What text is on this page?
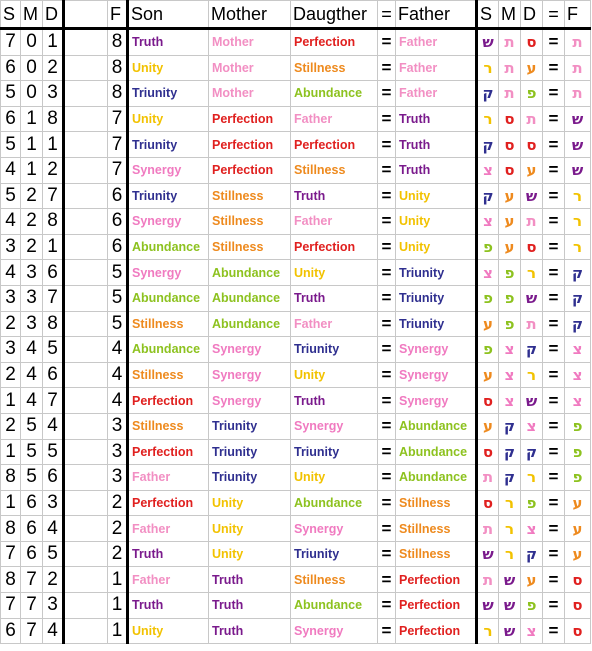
S	M	D		F	Son	Mother	Daugther	=	Father	S	M	D	=	F
7	0	1		8	Truth	Mother	Perfection	=	Father	ש	ת	ס	=	ת
6	0	2		8	Unity	Mother	Stillness	=	Father	ר	ת	ע	=	ת
5	0	3		8	Triunity	Mother	Abundance	=	Father	ק	ת	פ	=	ת
6	1	8		7	Unity	Perfection	Father	=	Truth	ר	ס	ת	=	ש
5	1	1		7	Triunity	Perfection	Perfection	=	Truth	ק	ס	ס	=	ש
4	1	2		7	Synergy	Perfection	Stillness	=	Truth	צ	ס	ע	=	ש
5	2	7		6	Triunity	Stillness	Truth	=	Unity	ק	ע	ש	=	ר
4	2	8		6	Synergy	Stillness	Father	=	Unity	צ	ע	ת	=	ר
3	2	1		6	Abundance	Stillness	Perfection	=	Unity	פ	ע	ס	=	ר
4	3	6		5	Synergy	Abundance	Unity	=	Triunity	צ	פ	ר	=	ק
3	3	7		5	Abundance	Abundance	Truth	=	Triunity	פ	פ	ש	=	ק
2	3	8		5	Stillness	Abundance	Father	=	Triunity	ע	פ	ת	=	ק
3	4	5		4	Abundance	Synergy	Triunity	=	Synergy	פ	צ	ק	=	צ
2	4	6		4	Stillness	Synergy	Unity	=	Synergy	ע	צ	ר	=	צ
1	4	7		4	Perfection	Synergy	Truth	=	Synergy	ס	צ	ש	=	צ
2	5	4		3	Stillness	Triunity	Synergy	=	Abundance	ע	ק	צ	=	פ
1	5	5		3	Perfection	Triunity	Triunity	=	Abundance	ס	ק	ק	=	פ
8	5	6		3	Father	Triunity	Unity	=	Abundance	ת	ק	ר	=	פ
1	6	3		2	Perfection	Unity	Abundance	=	Stillness	ס	ר	פ	=	ע
8	6	4		2	Father	Unity	Synergy	=	Stillness	ת	ר	צ	=	ע
7	6	5		2	Truth	Unity	Triunity	=	Stillness	ש	ר	ק	=	ע
8	7	2		1	Father	Truth	Stillness	=	Perfection	ת	ש	ע	=	ס
7	7	3		1	Truth	Truth	Abundance	=	Perfection	ש	ש	פ	=	ס
6	7	4		1	Unity	Truth	Synergy	=	Perfection	ר	ש	צ	=	ס
